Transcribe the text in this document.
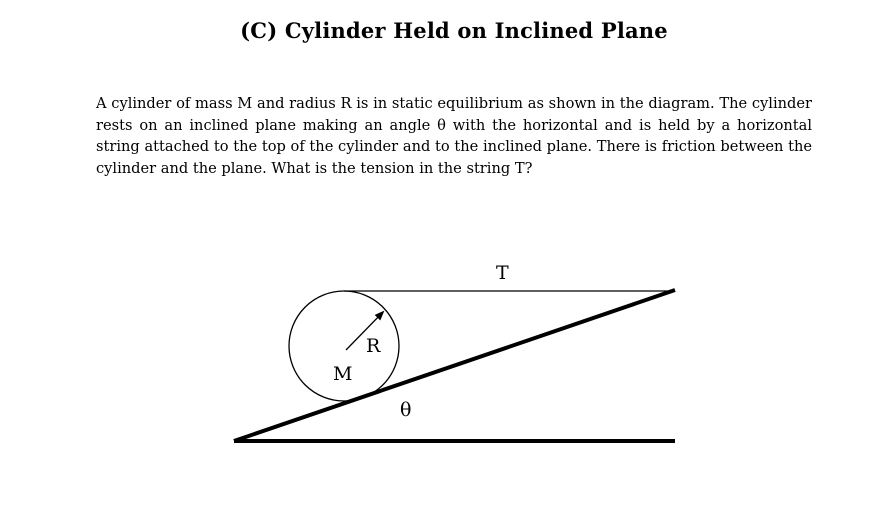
(C) Cylinder Held on Inclined Plane
A cylinder of mass M and radius R is in static equilibrium as shown in the diagram. The cylinder rests on an inclined plane making an angle θ with the horizontal and is held by a horizontal string attached to the top of the cylinder and to the inclined plane. There is friction between the cylinder and the plane. What is the tension in the string T?
T
R
M
θ
